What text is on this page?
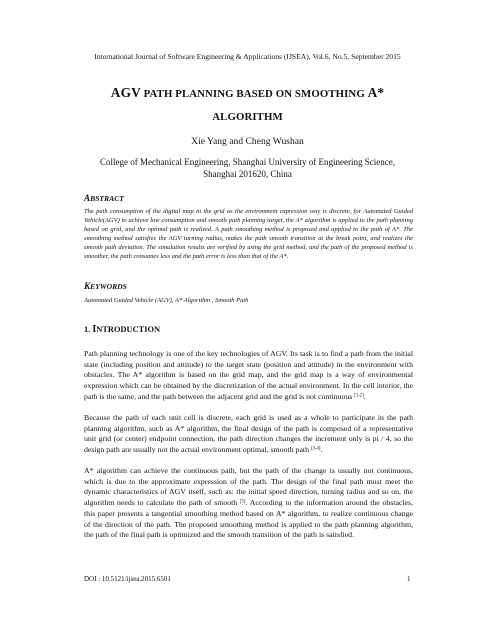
International Journal of Software Engineering & Applications (IJSEA), Vol.6, No.5, September 2015
AGV PATH PLANNING BASED ON SMOOTHING A*
ALGORITHM
Xie Yang and Cheng Wushan
College of Mechanical Engineering, Shanghai University of Engineering Science,
Shanghai 201620, China
ABSTRACT
The path consumption of the digital map in the grid as the environment expression way is discrete, for Automated Guided Vehicle(AGV) to achieve low consumption and smooth path planning target, the A* algorithm is applied to the path planning based on grid, and the optimal path is realized. A path smoothing method is proposed and applied to the path of A*. The smoothing method satisfies the AGV turning radius, makes the path smooth transition at the break point, and realizes the smooth path deviation. The simulation results are verified by using the grid method, and the path of the proposed method is smoother, the path consumes less and the path error is less than that of the A*.
KEYWORDS
Automated Guided Vehicle (AGV), A* Algorithm , Smooth Path
1. INTRODUCTION
Path planning technology is one of the key technologies of AGV. Its task is to find a path from the initial state (including position and attitude) to the target state (position and attitude) in the environment with obstacles. The A* algorithm is based on the grid map, and the grid map is a way of environmental expression which can be obtained by the discretization of the actual environment. In the cell interior, the path is the same, and the path between the adjacent grid and the grid is not continuous [1-2].
Because the path of each unit cell is discrete, each grid is used as a whole to participate in the path planning algorithm, such as A* algorithm, the final design of the path is composed of a representative unit grid (or center) endpoint connection, the path direction changes the increment only is pi / 4, so the design path are usually not the actual environment optimal, smooth path [3-4].
A* algorithm can achieve the continuous path, but the path of the change is usually not continuous, which is due to the approximate expression of the path. The design of the final path must meet the dynamic characteristics of AGV itself, such as: the initial speed direction, turning radius and so on, the algorithm needs to calculate the path of smooth [5]. According to the information around the obstacles, this paper presents a tangential smoothing method based on A* algorithm, to realize continuous change of the direction of the path. The proposed smoothing method is applied to the path planning algorithm, the path of the final path is optimized and the smooth transition of the path is satisfied.
DOI : 10.5121/ijsea.2015.6501	1
